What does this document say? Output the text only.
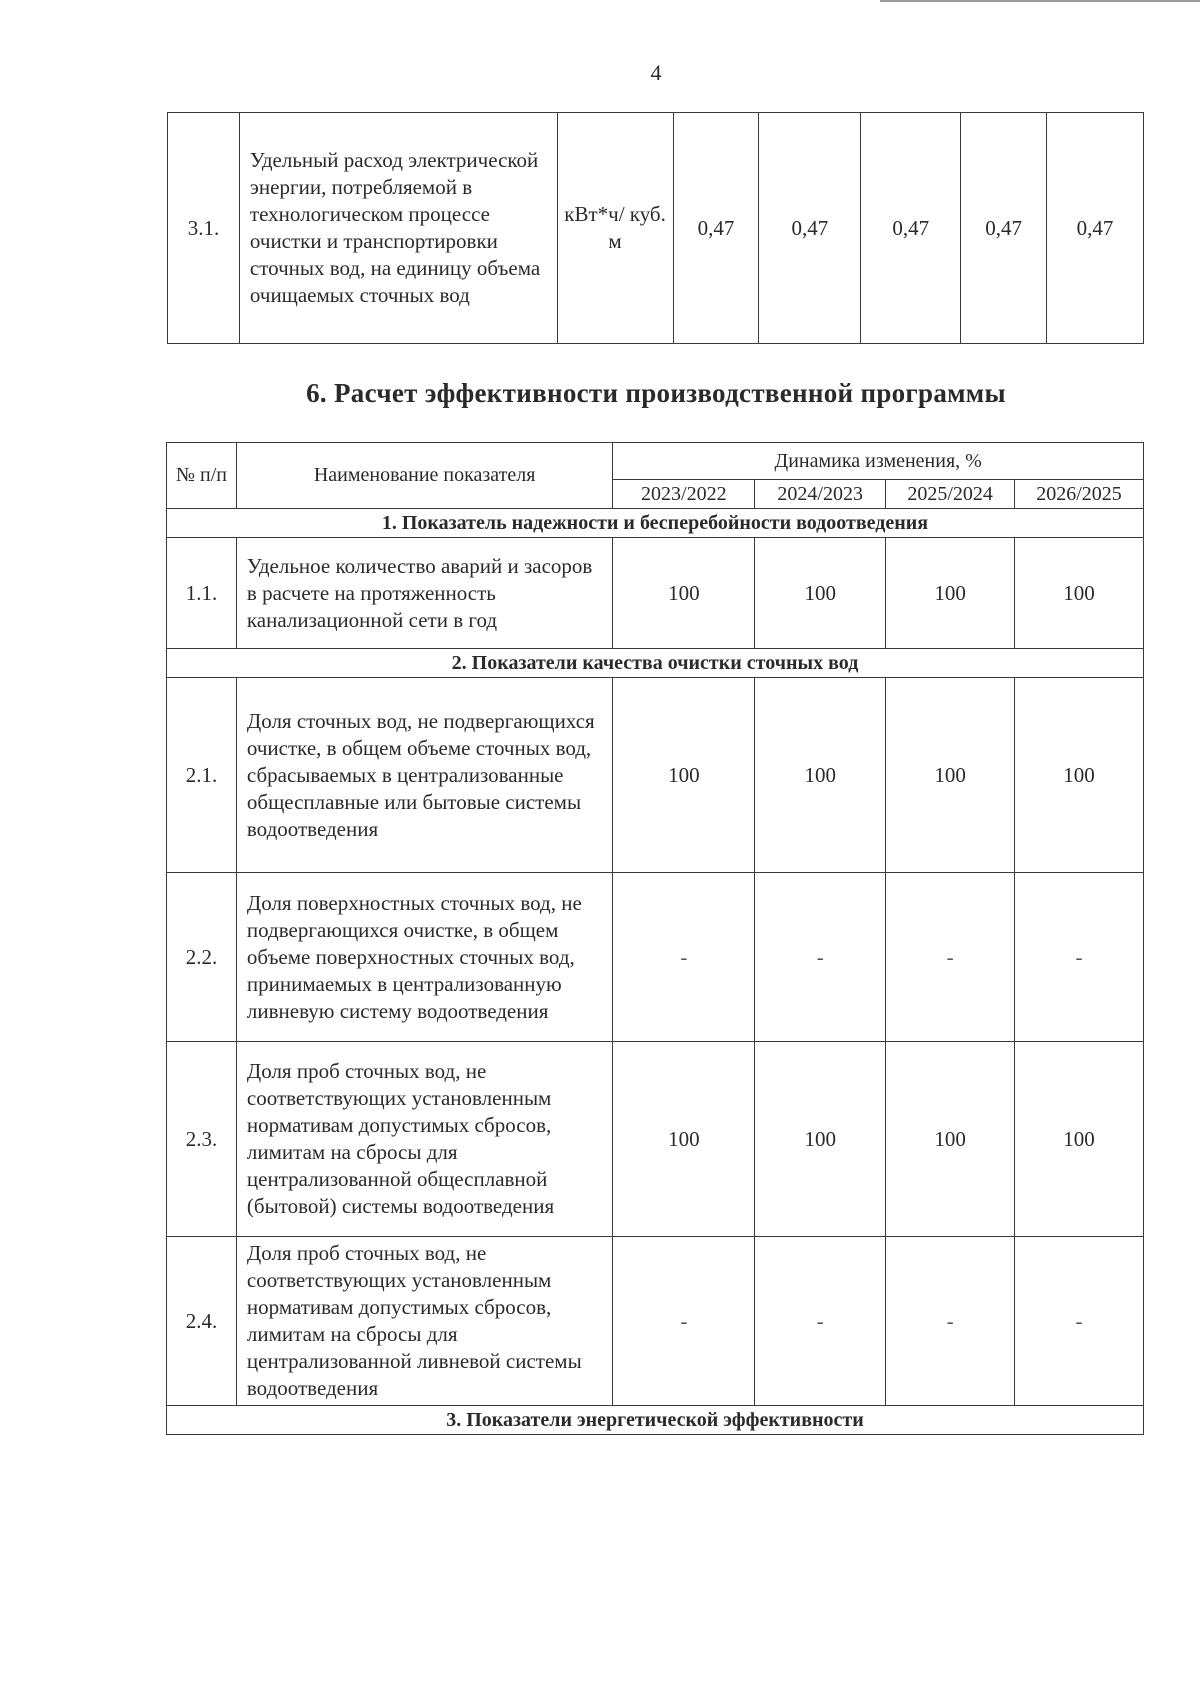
4
3.1.	Удельный расход электрической энергии, потребляемой в технологическом процессе очистки и транспортировки сточных вод, на единицу объема очищаемых сточных вод	кВт*ч/ куб. м	0,47	0,47	0,47	0,47	0,47
6. Расчет эффективности производственной программы
№ п/п	Наименование показателя	Динамика изменения, %			
		2023/2022	2024/2023	2025/2024	2026/2025
1. Показатель надежности и бесперебойности водоотведения					
1.1.	Удельное количество аварий и засоров в расчете на протяженность канализационной сети в год	100	100	100	100
2. Показатели качества очистки сточных вод					
2.1.	Доля сточных вод, не подвергающихся очистке, в общем объеме сточных вод, сбрасываемых в централизованные общесплавные или бытовые системы водоотведения	100	100	100	100
2.2.	Доля поверхностных сточных вод, не подвергающихся очистке, в общем объеме поверхностных сточных вод, принимаемых в централизованную ливневую систему водоотведения	-	-	-	-
2.3.	Доля проб сточных вод, не соответствующих установленным нормативам допустимых сбросов, лимитам на сбросы для централизованной общесплавной (бытовой) системы водоотведения	100	100	100	100
2.4.	Доля проб сточных вод, не соответствующих установленным нормативам допустимых сбросов, лимитам на сбросы для централизованной ливневой системы водоотведения	-	-	-	-
3. Показатели энергетической эффективности					
